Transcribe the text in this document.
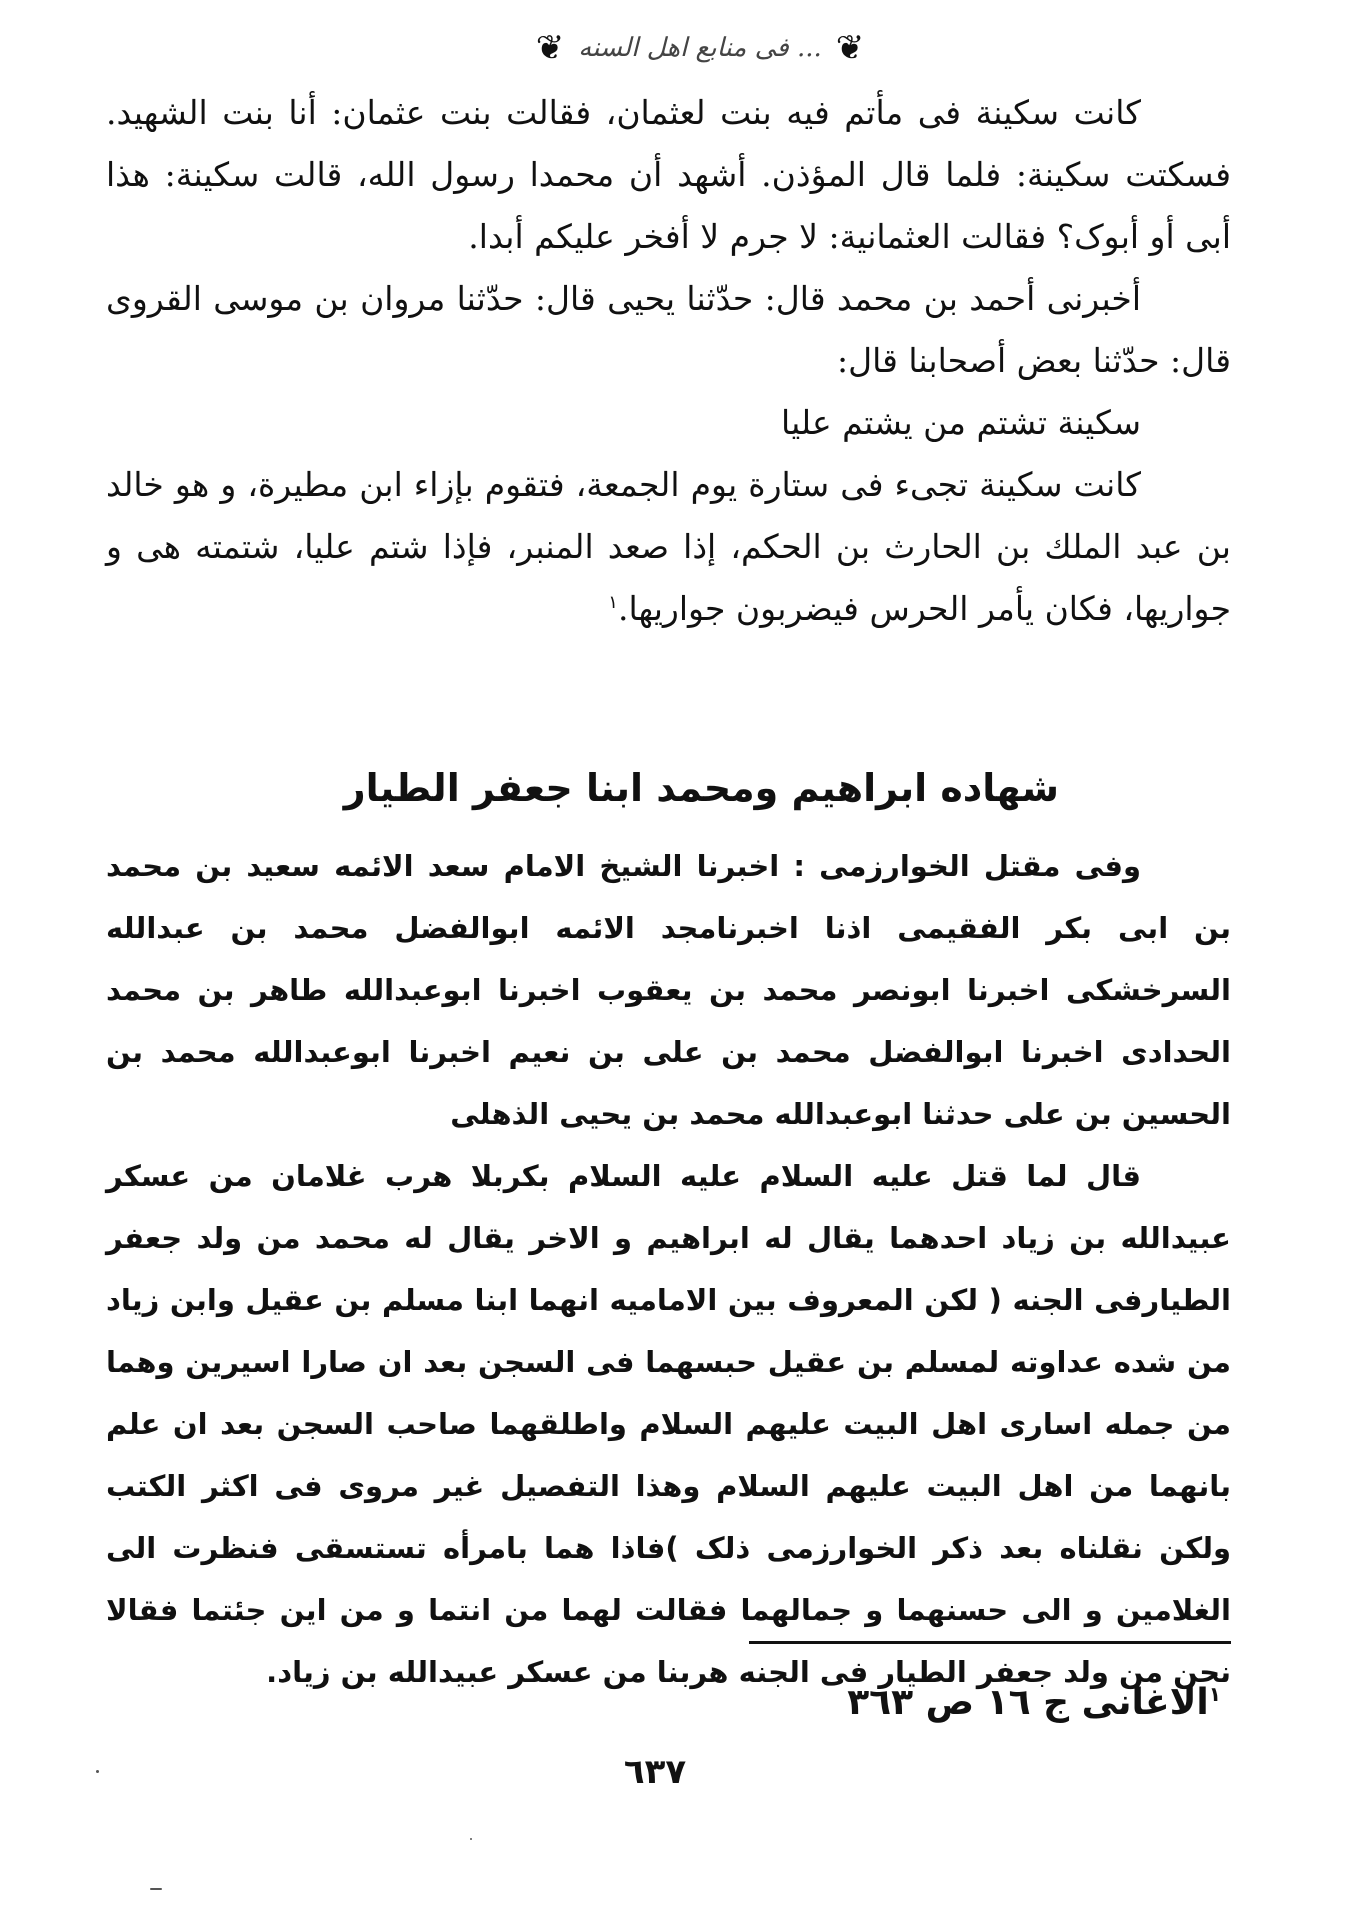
❦
... فى منابع اهل السنه
❦

كانت سكينة فى مأتم فيه بنت لعثمان، فقالت بنت عثمان: أنا بنت الشهيد. فسكتت سكينة: فلما قال المؤذن. أشهد أن محمدا رسول الله، قالت سكينة: هذا أبى أو أبوک؟ فقالت العثمانية: لا جرم لا أفخر عليكم أبدا.

أخبرنى أحمد بن محمد قال: حدّثنا يحيى قال: حدّثنا مروان بن موسى القروى قال: حدّثنا بعض أصحابنا قال:

سكينة تشتم من يشتم عليا

كانت سكينة تجىء فى ستارة يوم الجمعة، فتقوم بإزاء ابن مطيرة، و هو خالد بن عبد الملك بن الحارث بن الحكم، إذا صعد المنبر، فإذا شتم عليا، شتمته هى و جواريها، فكان يأمر الحرس فيضربون جواريها.$^١$

شهاده ابراهيم ومحمد ابنا جعفر الطيار

وفى مقتل الخوارزمى : اخبرنا الشيخ الامام سعد الائمه سعيد بن محمد بن ابى بكر الفقيمى اذنا اخبرنامجد الائمه ابوالفضل محمد بن عبدالله السرخشكى اخبرنا ابونصر محمد بن يعقوب اخبرنا ابوعبدالله طاهر بن محمد الحدادى اخبرنا ابوالفضل محمد بن على بن نعيم اخبرنا ابوعبدالله محمد بن الحسين بن على حدثنا ابوعبدالله محمد بن يحيى الذهلى

قال لما قتل عليه السلام عليه السلام بكربلا هرب غلامان من عسكر عبيدالله بن زياد احدهما يقال له ابراهيم و الاخر يقال له محمد من ولد جعفر الطيارفى الجنه ( لكن المعروف بين الاماميه انهما ابنا مسلم بن عقيل وابن زياد من شده عداوته لمسلم بن عقيل حبسهما فى السجن بعد ان صارا اسيرين وهما من جمله اسارى اهل البيت عليهم السلام واطلقهما صاحب السجن بعد ان علم بانهما من اهل البيت عليهم السلام وهذا التفصيل غير مروى فى اكثر الكتب ولكن نقلناه بعد ذكر الخوارزمى ذلک )فاذا هما بامرأه تستسقى فنظرت الى الغلامين و الى حسنهما و جمالهما فقالت لهما من انتما و من اين جئتما فقالا نحن من ولد جعفر الطيار فى الجنه هربنا من عسكر عبيدالله بن زياد.

$^١$الاغانى ج ١٦ ص ٣٦٣
٦٣٧
